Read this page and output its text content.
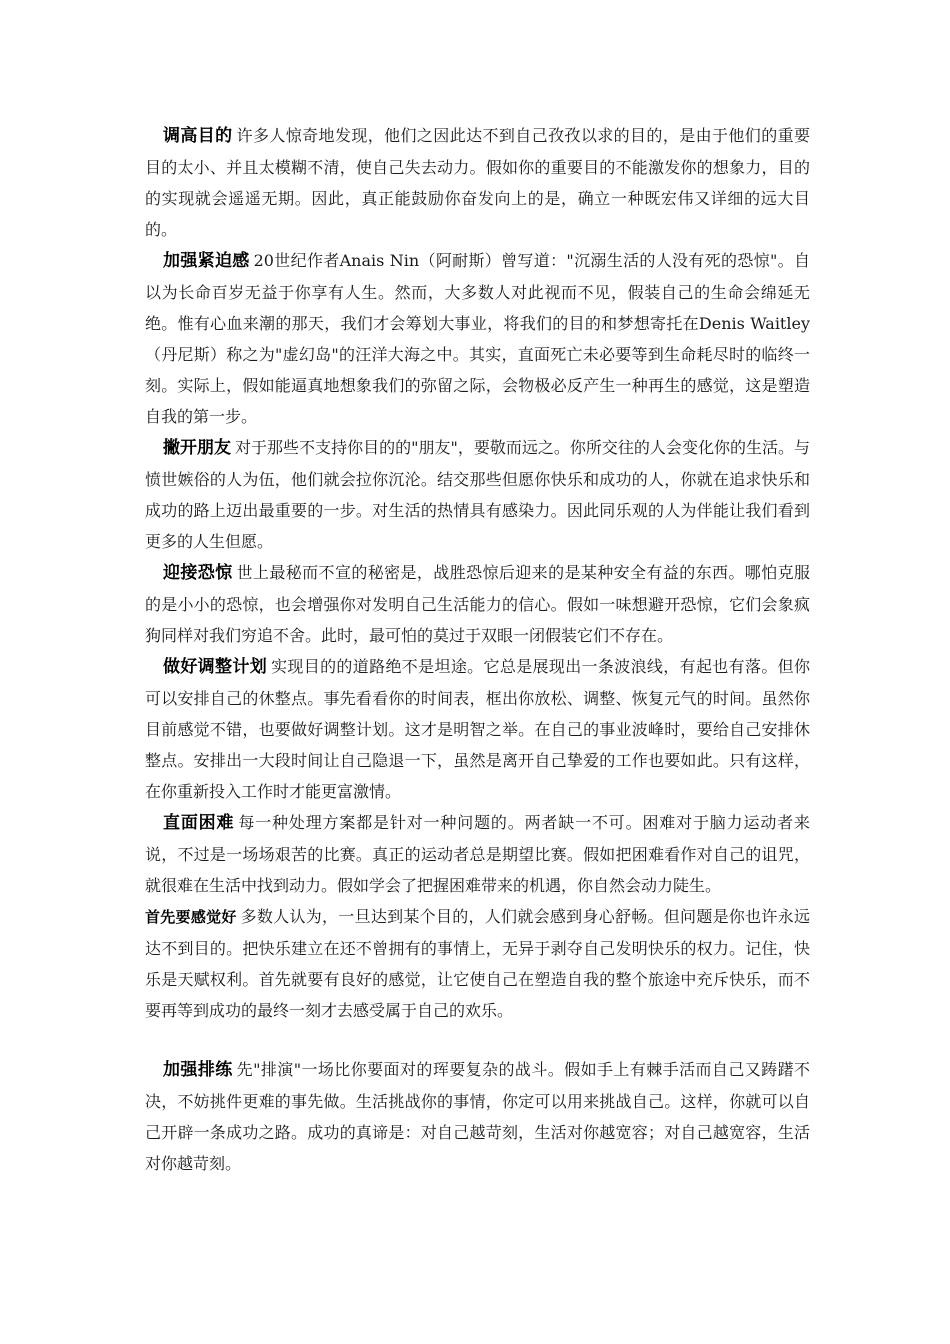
调高目的 许多人惊奇地发现，他们之因此达不到自己孜孜以求的目的，是由于他们的重要目的太小、并且太模糊不清，使自己失去动力。假如你的重要目的不能激发你的想象力，目的的实现就会遥遥无期。因此，真正能鼓励你奋发向上的是，确立一种既宏伟又详细的远大目的。

加强紧迫感 20世纪作者Anais Nin（阿耐斯）曾写道："沉溺生活的人没有死的恐惊"。自以为长命百岁无益于你享有人生。然而，大多数人对此视而不见，假装自己的生命会绵延无绝。惟有心血来潮的那天，我们才会筹划大事业，将我们的目的和梦想寄托在Denis Waitley（丹尼斯）称之为"虚幻岛"的汪洋大海之中。其实，直面死亡未必要等到生命耗尽时的临终一刻。实际上，假如能逼真地想象我们的弥留之际，会物极必反产生一种再生的感觉，这是塑造自我的第一步。

撇开朋友 对于那些不支持你目的的"朋友"，要敬而远之。你所交往的人会变化你的生活。与愤世嫉俗的人为伍，他们就会拉你沉沦。结交那些但愿你快乐和成功的人，你就在追求快乐和成功的路上迈出最重要的一步。对生活的热情具有感染力。因此同乐观的人为伴能让我们看到更多的人生但愿。

迎接恐惊 世上最秘而不宣的秘密是，战胜恐惊后迎来的是某种安全有益的东西。哪怕克服的是小小的恐惊，也会增强你对发明自己生活能力的信心。假如一味想避开恐惊，它们会象疯狗同样对我们穷追不舍。此时，最可怕的莫过于双眼一闭假装它们不存在。

做好调整计划 实现目的的道路绝不是坦途。它总是展现出一条波浪线，有起也有落。但你可以安排自己的休整点。事先看看你的时间表，框出你放松、调整、恢复元气的时间。虽然你目前感觉不错，也要做好调整计划。这才是明智之举。在自己的事业波峰时，要给自己安排休整点。安排出一大段时间让自己隐退一下，虽然是离开自己挚爱的工作也要如此。只有这样，在你重新投入工作时才能更富激情。

直面困难 每一种处理方案都是针对一种问题的。两者缺一不可。困难对于脑力运动者来说，不过是一场场艰苦的比赛。真正的运动者总是期望比赛。假如把困难看作对自己的诅咒，就很难在生活中找到动力。假如学会了把握困难带来的机遇，你自然会动力陡生。

首先要感觉好 多数人认为，一旦达到某个目的，人们就会感到身心舒畅。但问题是你也许永远达不到目的。把快乐建立在还不曾拥有的事情上，无异于剥夺自己发明快乐的权力。记住，快乐是天赋权利。首先就要有良好的感觉，让它使自己在塑造自我的整个旅途中充斥快乐，而不要再等到成功的最终一刻才去感受属于自己的欢乐。

加强排练 先"排演"一场比你要面对的珲要复杂的战斗。假如手上有棘手活而自己又踌躇不决，不妨挑件更难的事先做。生活挑战你的事情，你定可以用来挑战自己。这样，你就可以自己开辟一条成功之路。成功的真谛是：对自己越苛刻，生活对你越宽容；对自己越宽容，生活对你越苛刻。
